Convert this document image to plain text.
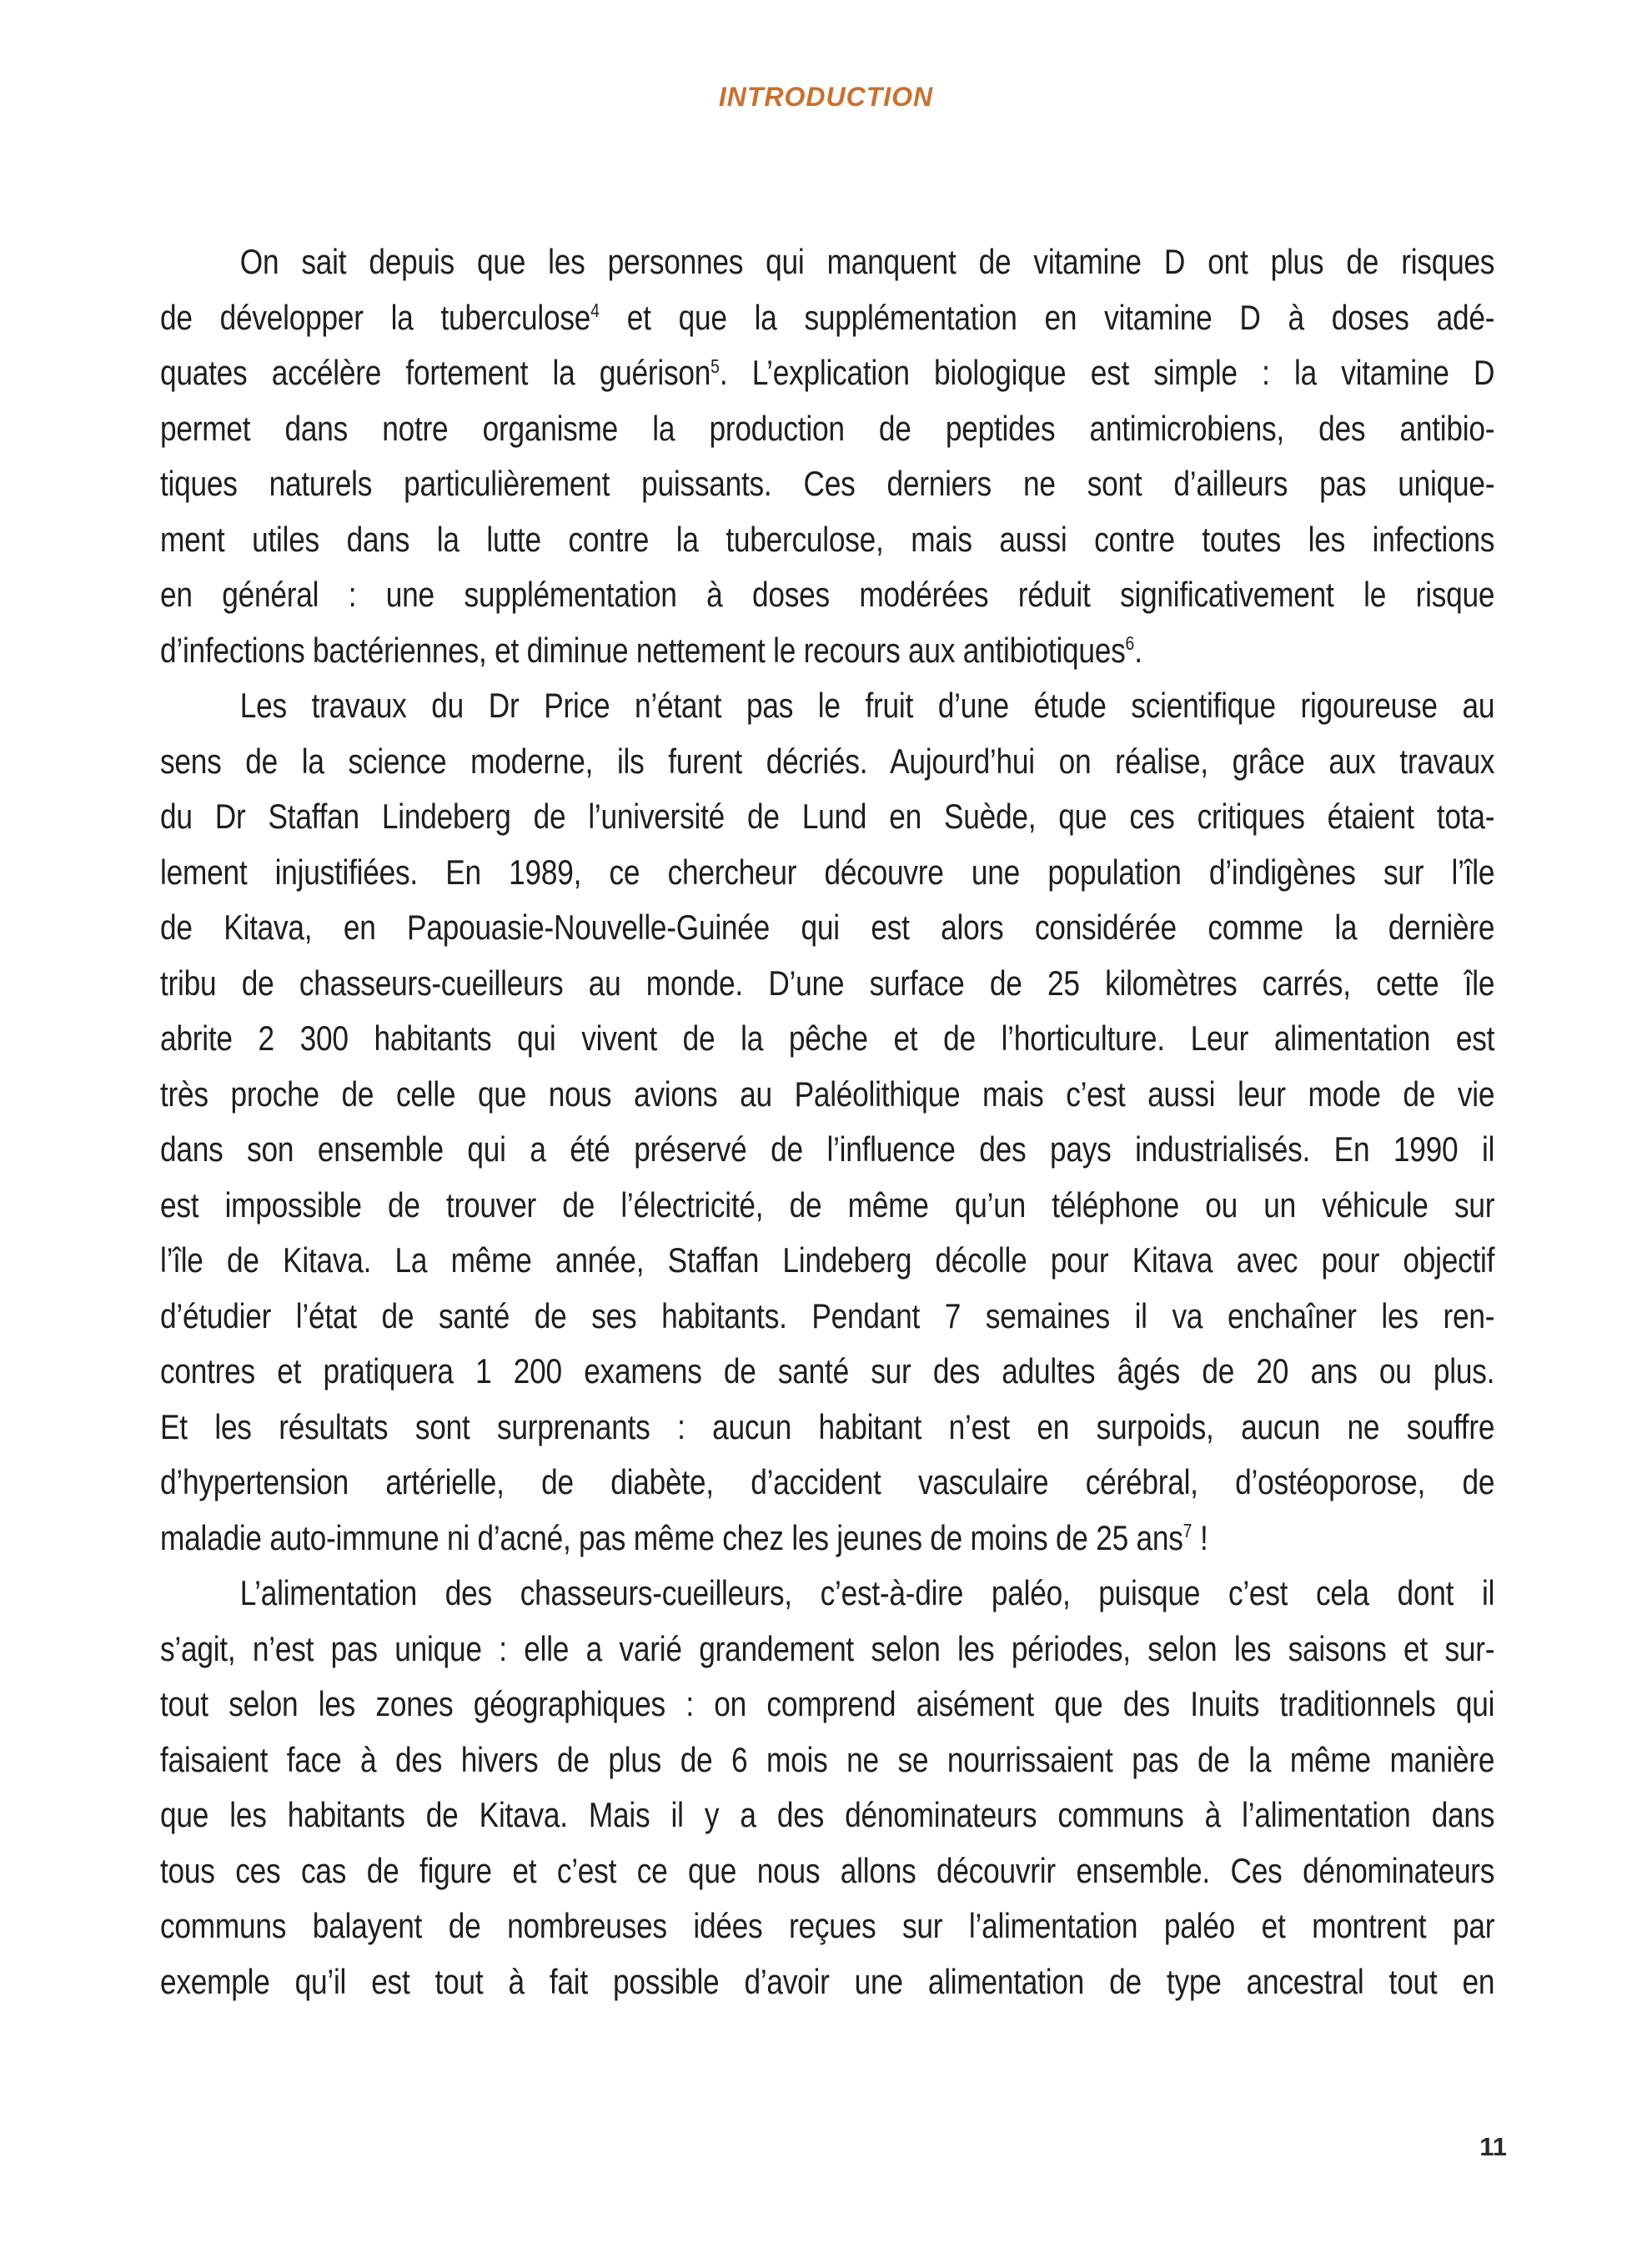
INTRODUCTION
On sait depuis que les personnes qui manquent de vitamine D ont plus de risques
de développer la tuberculose$^4$ et que la supplémentation en vitamine D à doses adé-
quates accélère fortement la guérison$^5$. L’explication biologique est simple : la vitamine D
permet dans notre organisme la production de peptides antimicrobiens, des antibio-
tiques naturels particulièrement puissants. Ces derniers ne sont d’ailleurs pas unique-
ment utiles dans la lutte contre la tuberculose, mais aussi contre toutes les infections
en général : une supplémentation à doses modérées réduit significativement le risque
d’infections bactériennes, et diminue nettement le recours aux antibiotiques$^6$.
Les travaux du Dr Price n’étant pas le fruit d’une étude scientifique rigoureuse au
sens de la science moderne, ils furent décriés. Aujourd’hui on réalise, grâce aux travaux
du Dr Staffan Lindeberg de l’université de Lund en Suède, que ces critiques étaient tota-
lement injustifiées. En 1989, ce chercheur découvre une population d’indigènes sur l’île
de Kitava, en Papouasie-Nouvelle-Guinée qui est alors considérée comme la dernière
tribu de chasseurs-cueilleurs au monde. D’une surface de 25 kilomètres carrés, cette île
abrite 2 300 habitants qui vivent de la pêche et de l’horticulture. Leur alimentation est
très proche de celle que nous avions au Paléolithique mais c’est aussi leur mode de vie
dans son ensemble qui a été préservé de l’influence des pays industrialisés. En 1990 il
est impossible de trouver de l’électricité, de même qu’un téléphone ou un véhicule sur
l’île de Kitava. La même année, Staffan Lindeberg décolle pour Kitava avec pour objectif
d’étudier l’état de santé de ses habitants. Pendant 7 semaines il va enchaîner les ren-
contres et pratiquera 1 200 examens de santé sur des adultes âgés de 20 ans ou plus.
Et les résultats sont surprenants : aucun habitant n’est en surpoids, aucun ne souffre
d’hypertension artérielle, de diabète, d’accident vasculaire cérébral, d’ostéoporose, de
maladie auto-immune ni d’acné, pas même chez les jeunes de moins de 25 ans$^7$ !
L’alimentation des chasseurs-cueilleurs, c’est-à-dire paléo, puisque c’est cela dont il
s’agit, n’est pas unique : elle a varié grandement selon les périodes, selon les saisons et sur-
tout selon les zones géographiques : on comprend aisément que des Inuits traditionnels qui
faisaient face à des hivers de plus de 6 mois ne se nourrissaient pas de la même manière
que les habitants de Kitava. Mais il y a des dénominateurs communs à l’alimentation dans
tous ces cas de figure et c’est ce que nous allons découvrir ensemble. Ces dénominateurs
communs balayent de nombreuses idées reçues sur l’alimentation paléo et montrent par
exemple qu’il est tout à fait possible d’avoir une alimentation de type ancestral tout en
11
